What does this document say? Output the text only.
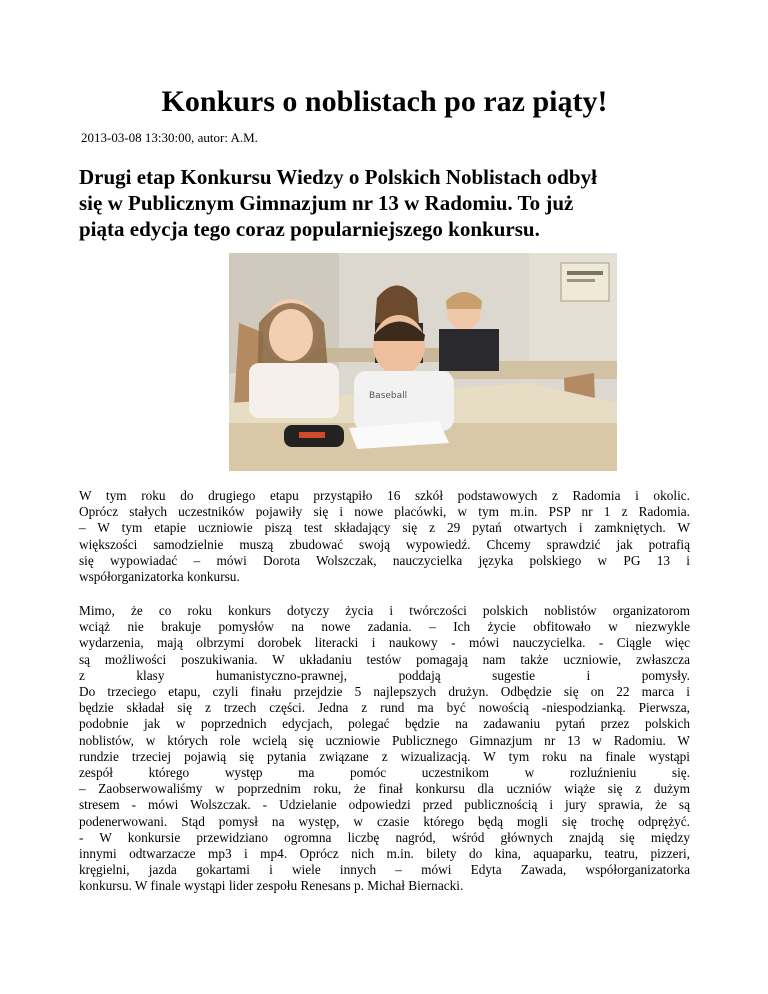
Konkurs o noblistach po raz piąty!

2013-03-08 13:30:00, autor: A.M.

Drugi etap Konkursu Wiedzy o Polskich Noblistach odbył
się w Publicznym Gimnazjum nr 13 w Radomiu. To już
piąta edycja tego coraz popularniejszego konkursu.

Baseball
W tym roku do drugiego etapu przystąpiło 16 szkół podstawowych z Radomia i okolic.
Oprócz stałych uczestników pojawiły się i nowe placówki, w tym m.in. PSP nr 1 z Radomia.
– W tym etapie uczniowie piszą test składający się z 29 pytań otwartych i zamkniętych. W
większości samodzielnie muszą zbudować swoją wypowiedź. Chcemy sprawdzić jak potrafią
się wypowiadać – mówi Dorota Wolszczak, nauczycielka języka polskiego w PG 13 i
współorganizatorka konkursu.
Mimo, że co roku konkurs dotyczy życia i twórczości polskich noblistów organizatorom
wciąż nie brakuje pomysłów na nowe zadania. – Ich życie obfitowało w niezwykle
wydarzenia, mają olbrzymi dorobek literacki i naukowy - mówi nauczycielka. - Ciągle więc
są możliwości poszukiwania. W układaniu testów pomagają nam także uczniowie, zwłaszcza
z klasy humanistyczno-prawnej, poddają sugestie i pomysły.
Do trzeciego etapu, czyli finału przejdzie 5 najlepszych drużyn. Odbędzie się on 22 marca i
będzie składał się z trzech części. Jedna z rund ma być nowością -niespodzianką. Pierwsza,
podobnie jak w poprzednich edycjach, polegać będzie na zadawaniu pytań przez polskich
noblistów, w których role wcielą się uczniowie Publicznego Gimnazjum nr 13 w Radomiu. W
rundzie trzeciej pojawią się pytania związane z wizualizacją. W tym roku na finale wystąpi
zespół którego występ ma pomóc uczestnikom w rozluźnieniu się.
– Zaobserwowaliśmy w poprzednim roku, że finał konkursu dla uczniów wiąże się z dużym
stresem - mówi Wolszczak. - Udzielanie odpowiedzi przed publicznością i jury sprawia, że są
podenerwowani. Stąd pomysł na występ, w czasie którego będą mogli się trochę odprężyć.
- W konkursie przewidziano ogromna liczbę nagród, wśród głównych znajdą się między
innymi odtwarzacze mp3 i mp4. Oprócz nich m.in. bilety do kina, aquaparku, teatru, pizzeri,
kręgielni, jazda gokartami i wiele innych – mówi Edyta Zawada, współorganizatorka
konkursu. W finale wystąpi lider zespołu Renesans p. Michał Biernacki.
